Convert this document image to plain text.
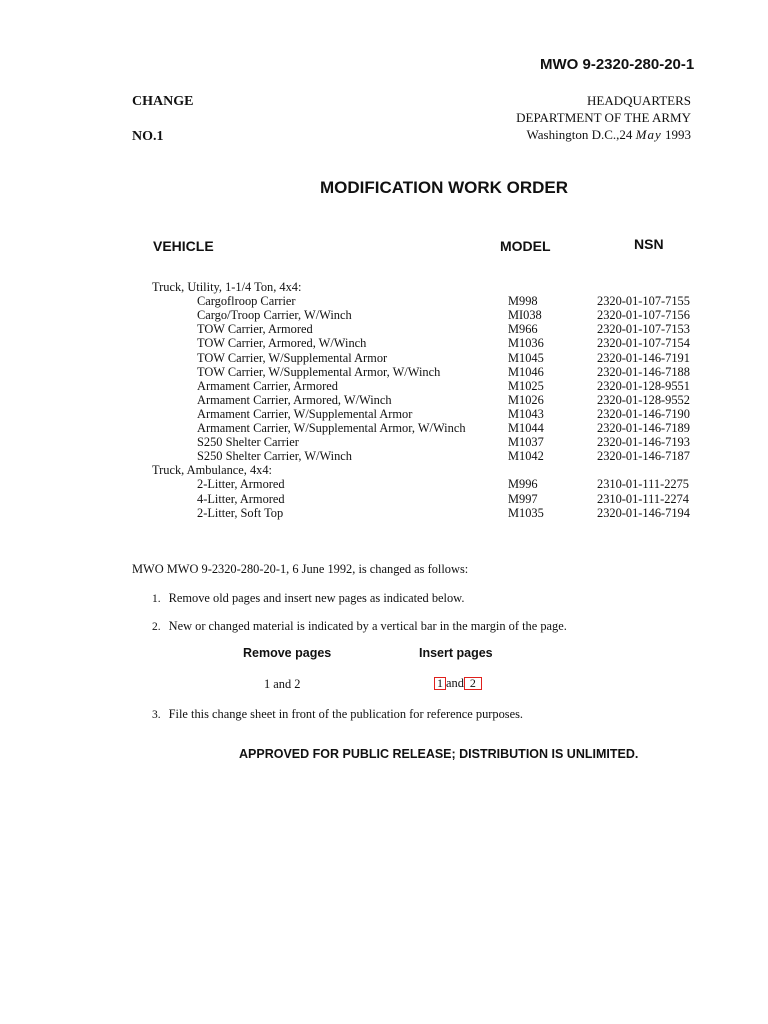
MWO 9-2320-280-20-1
CHANGE
NO.1
HEADQUARTERS
DEPARTMENT OF THE ARMY
Washington D.C.,24 May 1993
MODIFICATION WORK ORDER
VEHICLE	MODEL	NSN
Truck, Utility, 1-1/4 Ton, 4x4:
Cargoflroop Carrier	M998	2320-01-107-7155
Cargo/Troop Carrier, W/Winch	MI038	2320-01-107-7156
TOW Carrier, Armored	M966	2320-01-107-7153
TOW Carrier, Armored, W/Winch	M1036	2320-01-107-7154
TOW Carrier, W/Supplemental Armor	M1045	2320-01-146-7191
TOW Carrier, W/Supplemental Armor, W/Winch	M1046	2320-01-146-7188
Armament Carrier, Armored	M1025	2320-01-128-9551
Armament Carrier, Armored, W/Winch	M1026	2320-01-128-9552
Armament Carrier, W/Supplemental Armor	M1043	2320-01-146-7190
Armament Carrier, W/Supplemental Armor, W/Winch	M1044	2320-01-146-7189
S250 Shelter Carrier	M1037	2320-01-146-7193
S250 Shelter Carrier, W/Winch	M1042	2320-01-146-7187
Truck, Ambulance, 4x4:
2-Litter, Armored	M996	2310-01-111-2275
4-Litter, Armored	M997	2310-01-111-2274
2-Litter, Soft Top	M1035	2320-01-146-7194
MWO MWO 9-2320-280-20-1, 6 June 1992, is changed as follows:
1. Remove old pages and insert new pages as indicated below.
2. New or changed material is indicated by a vertical bar in the margin of the page.
Remove pages	Insert pages
1 and 2	1 and 2
3. File this change sheet in front of the publication for reference purposes.
APPROVED FOR PUBLIC RELEASE; DISTRIBUTION IS UNLIMITED.
